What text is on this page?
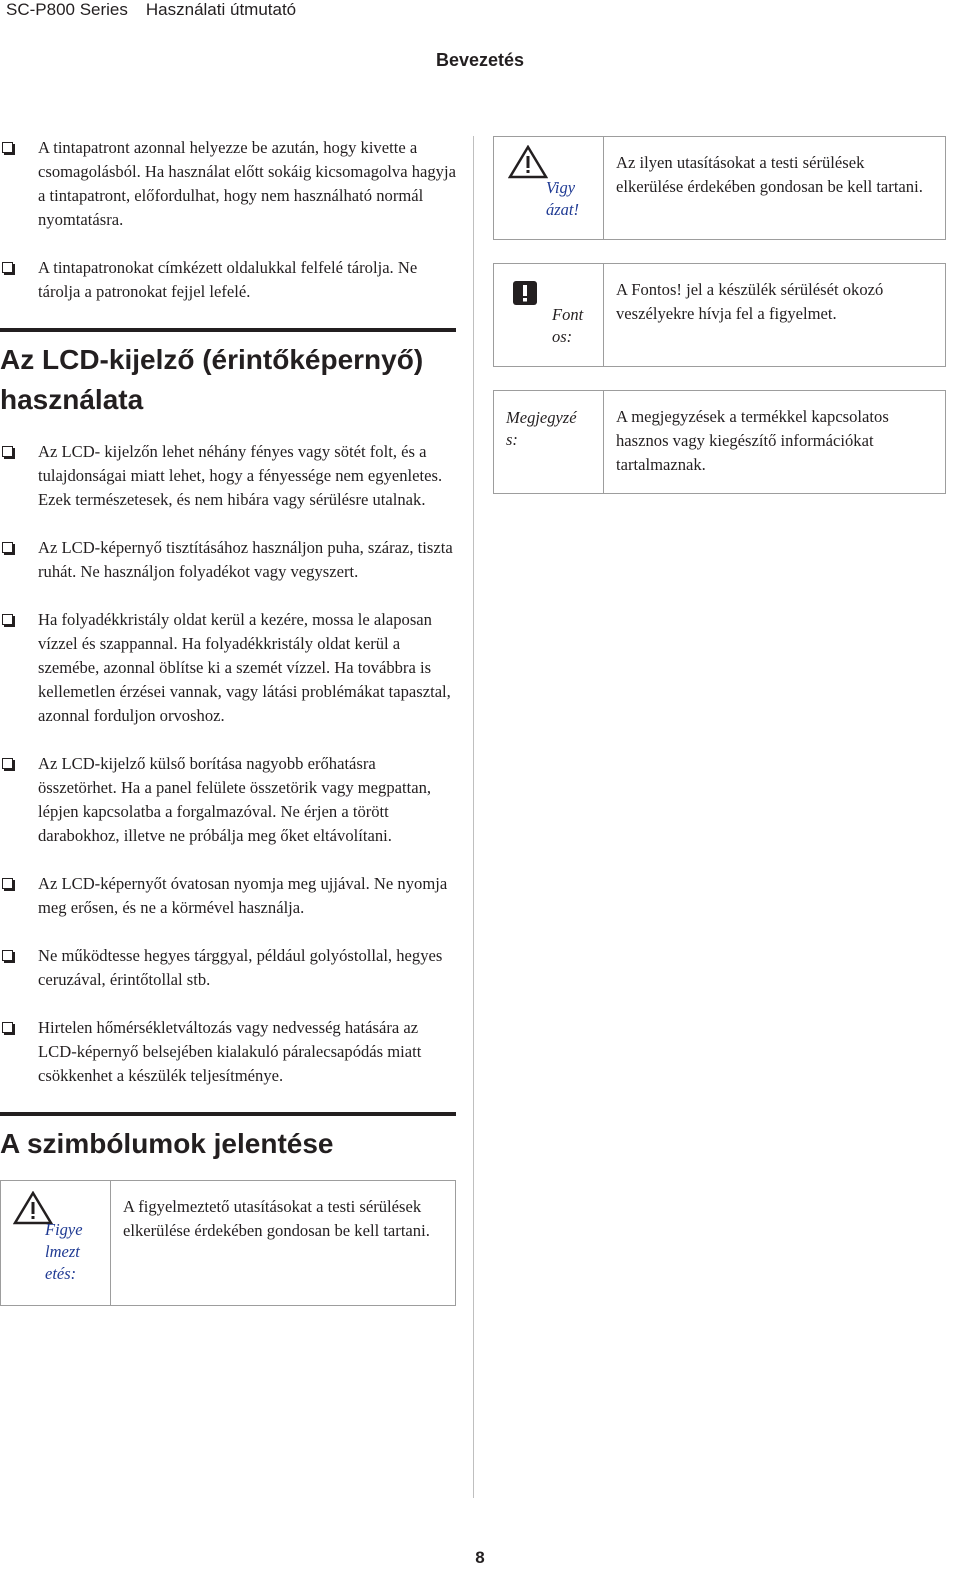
SC-P800 Series Használati útmutató
Bevezetés
A tintapatront azonnal helyezze be azután, hogy kivette a csomagolásból. Ha használat előtt sokáig kicsomagolva hagyja a tintapatront, előfordulhat, hogy nem használható normál nyomtatásra.
A tintapatronokat címkézett oldalukkal felfelé tárolja. Ne tárolja a patronokat fejjel lefelé.
Az LCD-kijelző (érintőképernyő) használata
Az LCD- kijelzőn lehet néhány fényes vagy sötét folt, és a tulajdonságai miatt lehet, hogy a fényessége nem egyenletes. Ezek természetesek, és nem hibára vagy sérülésre utalnak.
Az LCD-képernyő tisztításához használjon puha, száraz, tiszta ruhát. Ne használjon folyadékot vagy vegyszert.
Ha folyadékkristály oldat kerül a kezére, mossa le alaposan vízzel és szappannal. Ha folyadékkristály oldat kerül a szemébe, azonnal öblítse ki a szemét vízzel. Ha továbbra is kellemetlen érzései vannak, vagy látási problémákat tapasztal, azonnal forduljon orvoshoz.
Az LCD-kijelző külső borítása nagyobb erőhatásra összetörhet. Ha a panel felülete összetörik vagy megpattan, lépjen kapcsolatba a forgalmazóval. Ne érjen a törött darabokhoz, illetve ne próbálja meg őket eltávolítani.
Az LCD-képernyőt óvatosan nyomja meg ujjával. Ne nyomja meg erősen, és ne a körmével használja.
Ne működtesse hegyes tárggyal, például golyóstollal, hegyes ceruzával, érintőtollal stb.
Hirtelen hőmérsékletváltozás vagy nedvesség hatására az LCD-képernyő belsejében kialakuló páralecsapódás miatt csökkenhet a készülék teljesítménye.
A szimbólumok jelentése
Figye lmezt etés:
A figyelmeztető utasításokat a testi sérülések elkerülése érdekében gondosan be kell tartani.
Vigy ázat!
Az ilyen utasításokat a testi sérülések elkerülése érdekében gondosan be kell tartani.
Font os:
A Fontos! jel a készülék sérülését okozó veszélyekre hívja fel a figyelmet.
Megjegyzé s:
A megjegyzések a termékkel kapcsolatos hasznos vagy kiegészítő információkat tartalmaznak.
8
